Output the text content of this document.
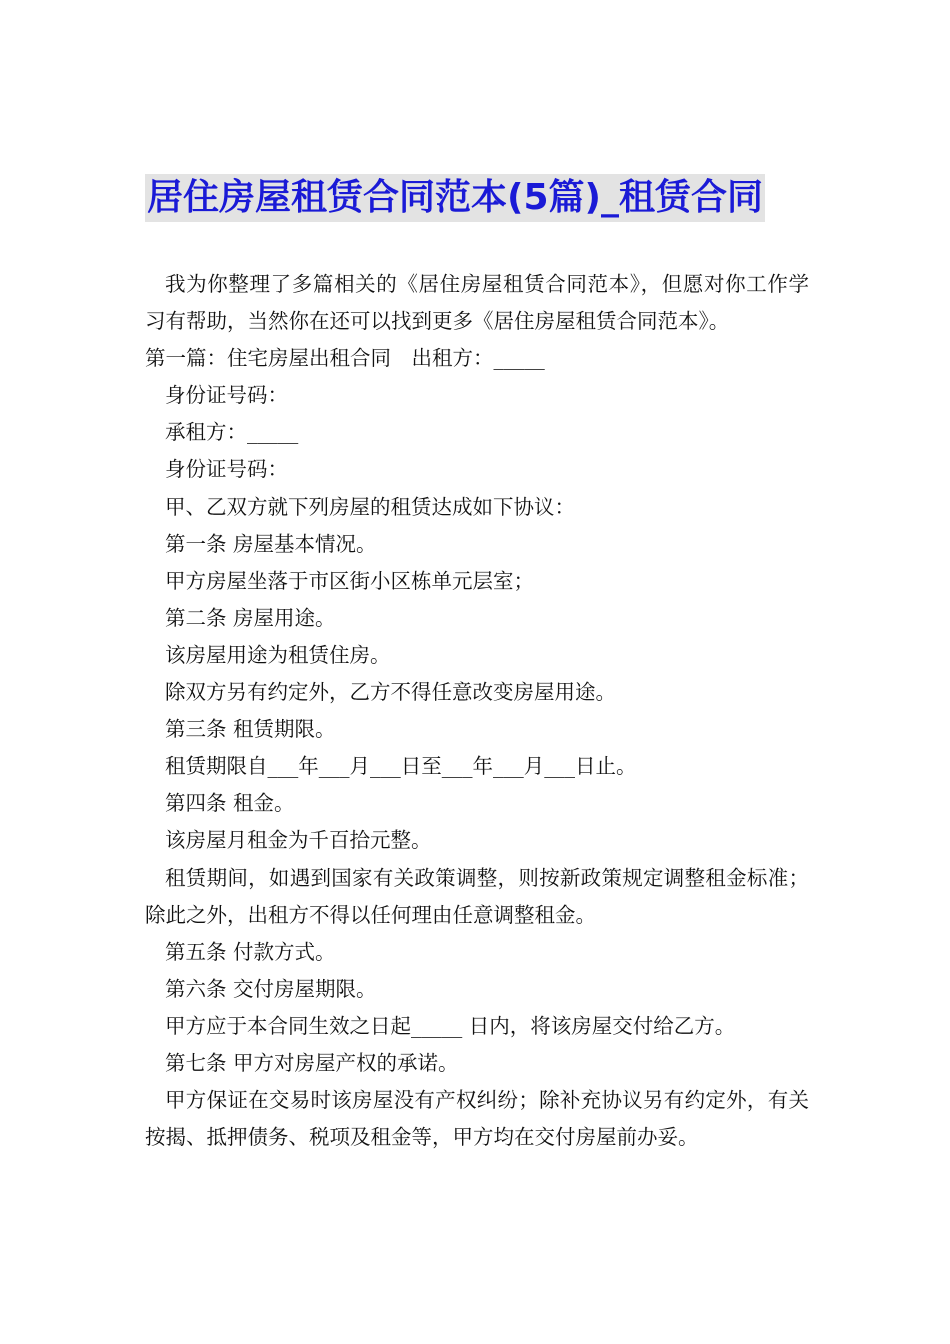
居住房屋租赁合同范本(5篇)_租赁合同

我为你整理了多篇相关的《居住房屋租赁合同范本》，但愿对你工作学习有帮助，当然你在还可以找到更多《居住房屋租赁合同范本》。

第一篇：住宅房屋出租合同　出租方：_____

身份证号码：

承租方：_____

身份证号码：

甲、乙双方就下列房屋的租赁达成如下协议：

第一条 房屋基本情况。

甲方房屋坐落于市区街小区栋单元层室；

第二条 房屋用途。

该房屋用途为租赁住房。

除双方另有约定外，乙方不得任意改变房屋用途。

第三条 租赁期限。

租赁期限自___年___月___日至___年___月___日止。

第四条 租金。

该房屋月租金为千百拾元整。

租赁期间，如遇到国家有关政策调整，则按新政策规定调整租金标准；除此之外，出租方不得以任何理由任意调整租金。

第五条 付款方式。

第六条 交付房屋期限。

甲方应于本合同生效之日起_____ 日内，将该房屋交付给乙方。

第七条 甲方对房屋产权的承诺。

甲方保证在交易时该房屋没有产权纠纷；除补充协议另有约定外，有关按揭、抵押债务、税项及租金等，甲方均在交付房屋前办妥。
